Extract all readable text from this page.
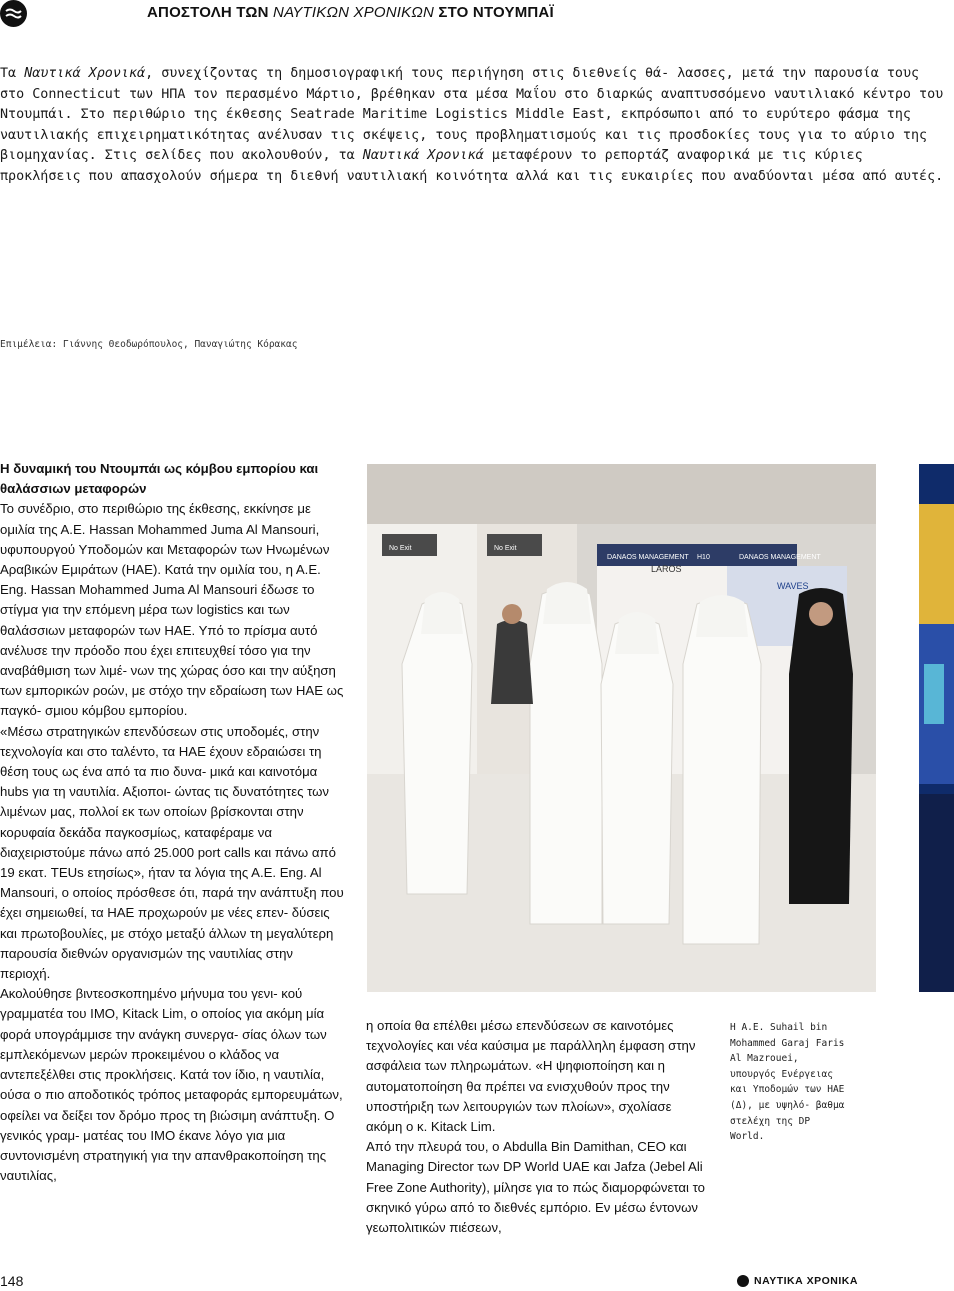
ΑΠΟΣΤΟΛΗ ΤΩΝ ΝΑΥΤΙΚΩΝ ΧΡΟΝΙΚΩΝ ΣΤΟ ΝΤΟΥΜΠΑΪ

Τα Ναυτικά Χρονικά, συνεχίζοντας τη δημοσιογραφική τους περιήγηση στις διεθνείς θά- λασσες, μετά την παρουσία τους στο Connecticut των ΗΠΑ τον περασμένο Μάρτιο, βρέθηκαν στα μέσα Μαΐου στο διαρκώς αναπτυσσόμενο ναυτιλιακό κέντρο του Ντουμπάι. Στο περιθώριο της έκθεσης Seatrade Maritime Logistics Middle East, εκπρόσωποι από το ευρύτερο φάσμα της ναυτιλιακής επιχειρηματικότητας ανέλυσαν τις σκέψεις, τους προβληματισμούς και τις προσδοκίες τους για το αύριο της βιομηχανίας. Στις σελίδες που ακολουθούν, τα Ναυτικά Χρονικά μεταφέρουν το ρεπορτάζ αναφορικά με τις κύριες προκλήσεις που απασχολούν σήμερα τη διεθνή ναυτιλιακή κοινότητα αλλά και τις ευκαιρίες που αναδύονται μέσα από αυτές.

Επιμέλεια: Γιάννης Θεοδωρόπουλος, Παναγιώτης Κόρακας

Η δυναμική του Ντουμπάι ως κόμβου εμπορίου και θαλάσσιων μεταφορών

Το συνέδριο, στο περιθώριο της έκθεσης, εκκίνησε με ομιλία της Α.Ε. Hassan Mohammed Juma Al Mansouri, υφυπουργού Υποδομών και Μεταφορών των Ηνωμένων Αραβικών Εμιράτων (ΗΑΕ). Κατά την ομιλία του, η Α.Ε. Eng. Hassan Mohammed Juma Al Mansouri έδωσε το στίγμα για την επόμενη μέρα των logistics και των θαλάσσιων μεταφορών των ΗΑΕ. Υπό το πρίσμα αυτό ανέλυσε την πρόοδο που έχει επιτευχθεί τόσο για την αναβάθμιση των λιμέ- νων της χώρας όσο και την αύξηση των εμπορικών ροών, με στόχο την εδραίωση των ΗΑΕ ως παγκό- σμιου κόμβου εμπορίου.

«Μέσω στρατηγικών επενδύσεων στις υποδομές, στην τεχνολογία και στο ταλέντο, τα ΗΑΕ έχουν εδραιώσει τη θέση τους ως ένα από τα πιο δυνα- μικά και καινοτόμα hubs για τη ναυτιλία. Αξιοποι- ώντας τις δυνατότητες των λιμένων μας, πολλοί εκ των οποίων βρίσκονται στην κορυφαία δεκάδα παγκοσμίως, καταφέραμε να διαχειριστούμε πάνω από 25.000 port calls και πάνω από 19 εκατ. TEUs ετησίως», ήταν τα λόγια της Α.Ε. Eng. Al Mansouri, ο οποίος πρόσθεσε ότι, παρά την ανάπτυξη που έχει σημειωθεί, τα ΗΑΕ προχωρούν με νέες επεν- δύσεις και πρωτοβουλίες, με στόχο μεταξύ άλλων τη μεγαλύτερη παρουσία διεθνών οργανισμών της ναυτιλίας στην περιοχή.

Ακολούθησε βιντεοσκοπημένο μήνυμα του γενι- κού γραμματέα του IMO, Kitack Lim, ο οποίος για ακόμη μία φορά υπογράμμισε την ανάγκη συνεργα- σίας όλων των εμπλεκόμενων μερών προκειμένου ο κλάδος να αντεπεξέλθει στις προκλήσεις. Κατά τον ίδιο, η ναυτιλία, ούσα ο πιο αποδοτικός τρόπος μεταφοράς εμπορευμάτων, οφείλει να δείξει τον δρόμο προς τη βιώσιμη ανάπτυξη. Ο γενικός γραμ- ματέας του IMO έκανε λόγο για μια συντονισμένη στρατηγική για την απανθρακοποίηση της ναυτιλίας,

No Exit	No Exit
DANAOS MANAGEMENT H10	DANAOS MANAGEMENT
LAROS
WAVES

η οποία θα επέλθει μέσω επενδύσεων σε καινοτόμες τεχνολογίες και νέα καύσιμα με παράλληλη έμφαση στην ασφάλεια των πληρωμάτων. «Η ψηφιοποίηση και η αυτοματοποίηση θα πρέπει να ενισχυθούν προς την υποστήριξη των λειτουργιών των πλοίων», σχολίασε ακόμη ο κ. Kitack Lim.

Από την πλευρά του, ο Abdulla Bin Damithan, CEO και Managing Director των DP World UAE και Jafza (Jebel Ali Free Zone Authority), μίλησε για το πώς διαμορφώνεται το σκηνικό γύρω από το διεθνές εμπόριο. Εν μέσω έντονων γεωπολιτικών πιέσεων,

Η Α.Ε. Suhail bin Mohammed Garaj Faris Al Mazrouei, υπουργός Ενέργειας και Υποδομών των ΗΑΕ (Δ), με υψηλό- βαθμα στελέχη της DP World.
148	ΝΑΥΤΙΚΑ ΧΡΟΝΙΚΑ
